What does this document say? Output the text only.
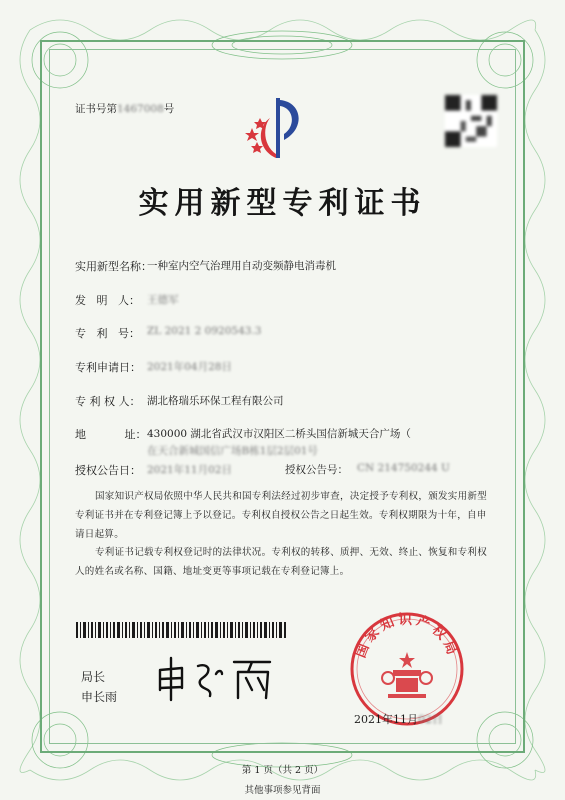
证书号第1467008号
实用新型专利证书
实用新型名称：
一种室内空气治理用自动变频静电消毒机
发   明   人： 王德军
专   利   号： ZL 2021 2 0920543.3
专利申请日： 2021年04月28日
专 利 权 人： 湖北格瑞乐环保工程有限公司
地           址： 430000 湖北省武汉市汉阳区二桥头国信新城天合广场（
在天合新城国信广场B栋1层2层01号
授权公告日： 2021年11月02日	授权公告号： CN 214750244 U
国家知识产权局依照中华人民共和国专利法经过初步审查，决定授予专利权，颁发实用新型专利证书并在专利登记簿上予以登记。专利权自授权公告之日起生效。专利权期限为十年，自申请日起算。
专利证书记载专利权登记时的法律状况。专利权的转移、质押、无效、终止、恢复和专利权人的姓名或名称、国籍、地址变更等事项记载在专利登记簿上。
局长
申长雨
国家知识产权局
2021年11月02日
第 1 页（共 2 页）
其他事项参见背面
